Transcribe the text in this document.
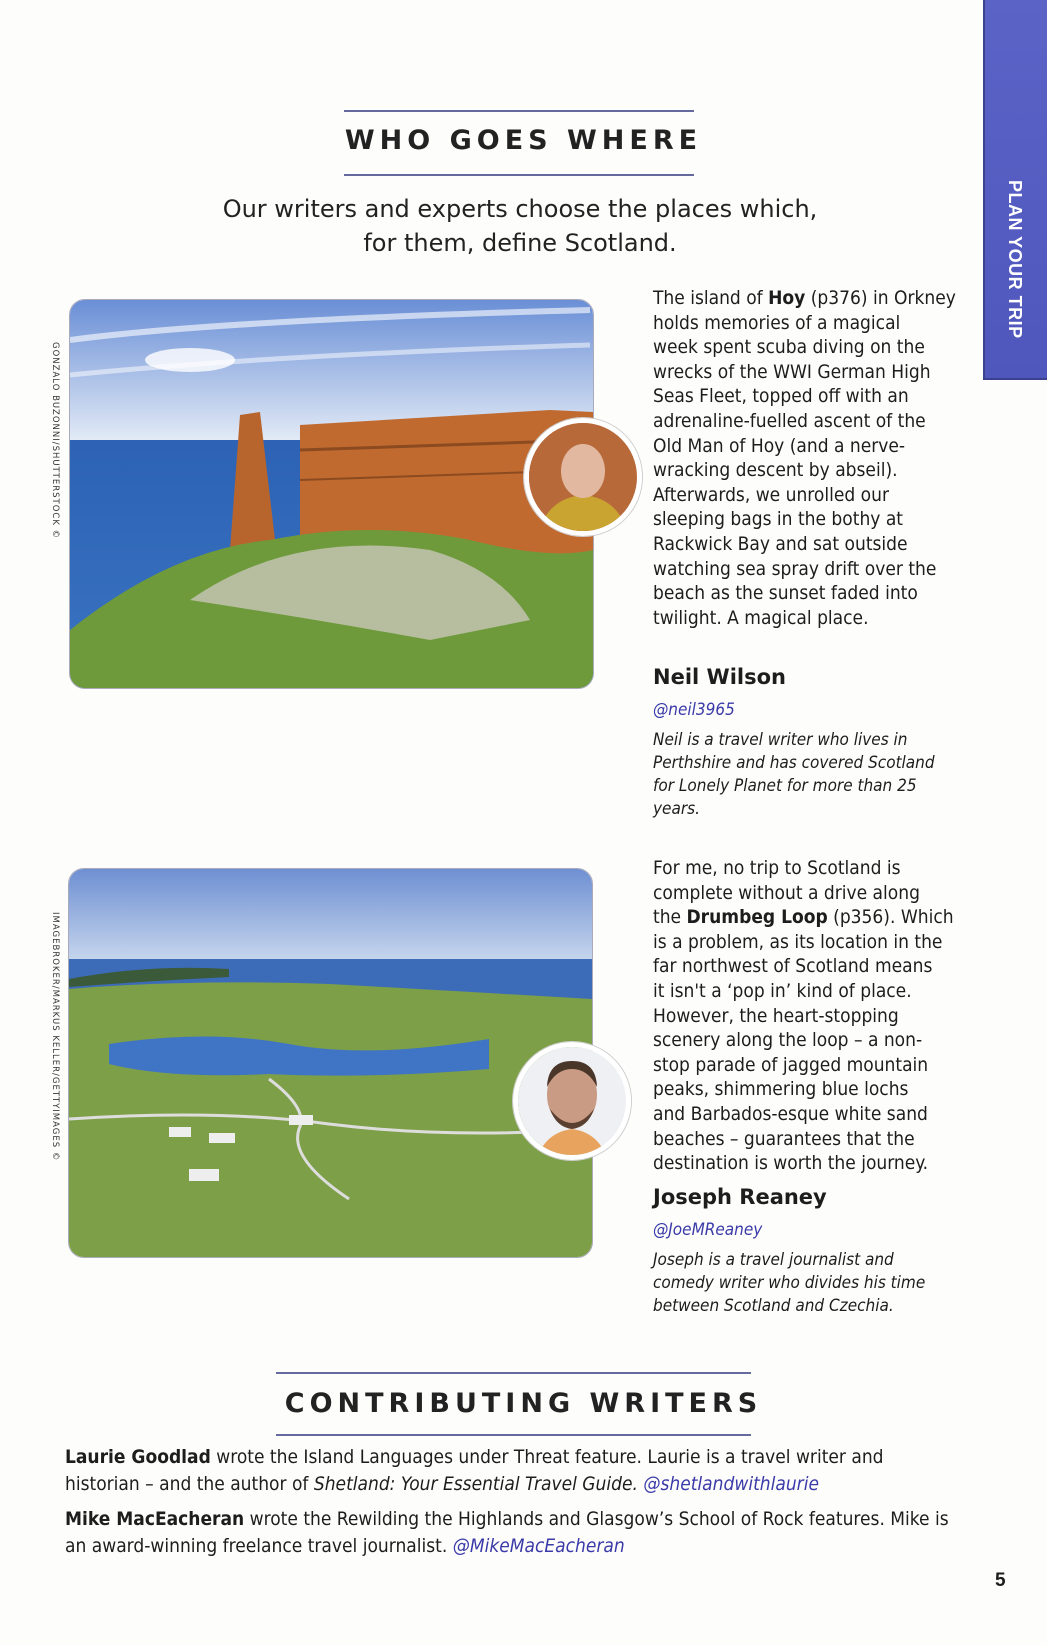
PLAN YOUR TRIP
WHO GOES WHERE
Our writers and experts choose the places which,
for them, define Scotland.
GONZALO BUZONNI/SHUTTERSTOCK ©
The island of Hoy (p376) in Orkney
holds memories of a magical
week spent scuba diving on the
wrecks of the WWI German High
Seas Fleet, topped off with an
adrenaline-fuelled ascent of the
Old Man of Hoy (and a nerve-
wracking descent by abseil).
Afterwards, we unrolled our
sleeping bags in the bothy at
Rackwick Bay and sat outside
watching sea spray drift over the
beach as the sunset faded into
twilight. A magical place.
Neil Wilson
@neil3965
Neil is a travel writer who lives in
Perthshire and has covered Scotland
for Lonely Planet for more than 25
years.
IMAGEBROKER/MARKUS KELLER/GETTYIMAGES ©
For me, no trip to Scotland is
complete without a drive along
the Drumbeg Loop (p356). Which
is a problem, as its location in the
far northwest of Scotland means
it isn't a ‘pop in’ kind of place.
However, the heart-stopping
scenery along the loop – a non-
stop parade of jagged mountain
peaks, shimmering blue lochs
and Barbados-esque white sand
beaches – guarantees that the
destination is worth the journey.
Joseph Reaney
@JoeMReaney
Joseph is a travel journalist and
comedy writer who divides his time
between Scotland and Czechia.
CONTRIBUTING WRITERS
Laurie Goodlad wrote the Island Languages under Threat feature. Laurie is a travel writer and
historian – and the author of Shetland: Your Essential Travel Guide. @shetlandwithlaurie
Mike MacEacheran wrote the Rewilding the Highlands and Glasgow’s School of Rock features. Mike is
an award-winning freelance travel journalist. @MikeMacEacheran
5
